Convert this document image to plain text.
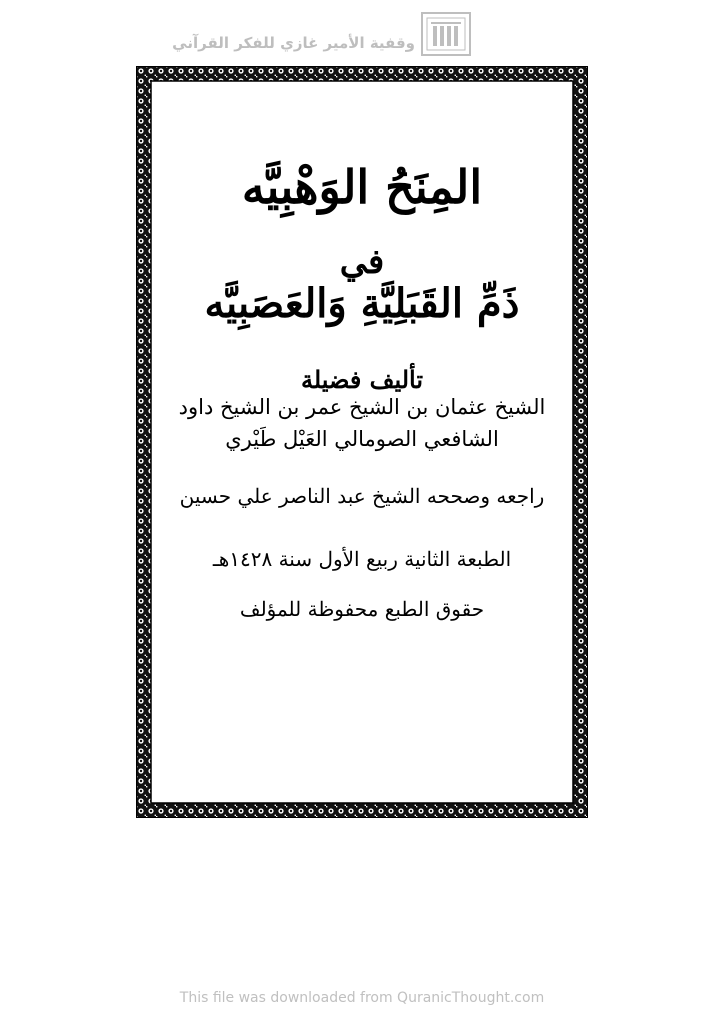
وقفية الأمير غازي للفكر القرآني
المِنَحُ الوَهْبِيَّه
في
ذَمِّ القَبَلِيَّةِ وَالعَصَبِيَّه
تأليف فضيلة
الشيخ عثمان بن الشيخ عمر بن الشيخ داود
الشافعي الصومالي العَيْل طَيْري
راجعه وصححه الشيخ عبد الناصر علي حسين
الطبعة الثانية ربيع الأول سنة ١٤٢٨هـ
حقوق الطبع محفوظة للمؤلف
This file was downloaded from QuranicThought.com
